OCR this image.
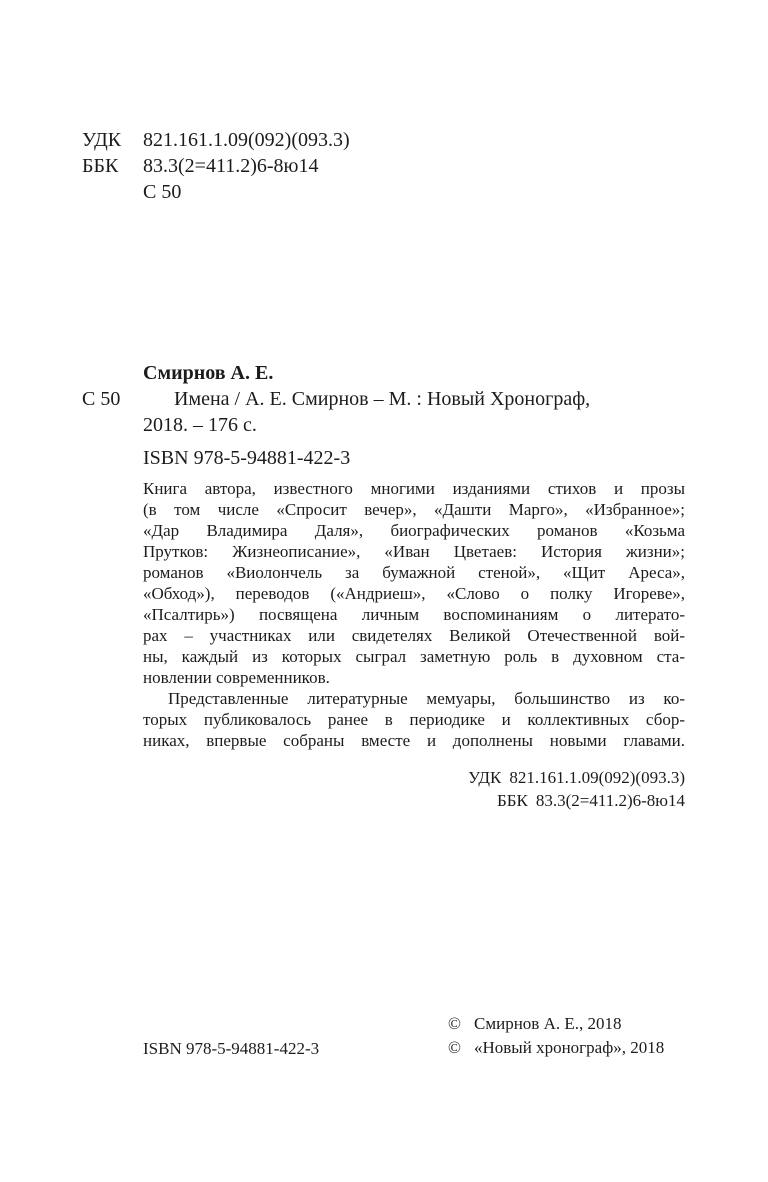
УДК 821.161.1.09(092)(093.3)
ББК 83.3(2=411.2)6-8ю14
С 50
С 50
Смирнов А. Е.
Имена / А. Е. Смирнов – М. : Новый Хронограф,
2018. – 176 с.
ISBN 978-5-94881-422-3
Книга автора, известного многими изданиями стихов и прозы
(в том числе «Спросит вечер», «Дашти Марго», «Избранное»;
«Дар Владимира Даля», биографических романов «Козьма
Прутков: Жизнеописание», «Иван Цветаев: История жизни»;
романов «Виолончель за бумажной стеной», «Щит Ареса»,
«Обход»), переводов («Андриеш», «Слово о полку Игореве»,
«Псалтирь») посвящена личным воспоминаниям о литерато-
рах – участниках или свидетелях Великой Отечественной вой-
ны, каждый из которых сыграл заметную роль в духовном ста-
новлении современников.
Представленные литературные мемуары, большинство из ко-
торых публиковалось ранее в периодике и коллективных сбор-
никах, впервые собраны вместе и дополнены новыми главами.
УДК 821.161.1.09(092)(093.3)
ББК 83.3(2=411.2)6-8ю14
© Смирнов А. Е., 2018
© «Новый хронограф», 2018
ISBN 978-5-94881-422-3
